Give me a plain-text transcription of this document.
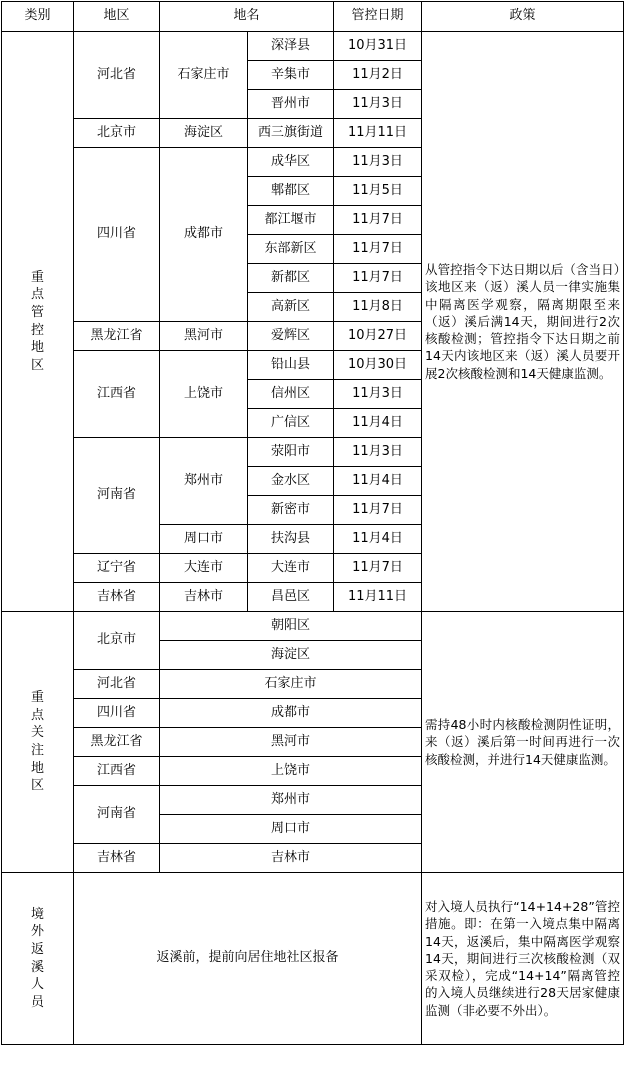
类别	地区	地名		管控日期	政策

重点管控地区	河北省	石家庄市	深泽县	10月31日	从管控指令下达日期以后（含当日）该地区来（返）溪人员一律实施集中隔离医学观察，隔离期限至来（返）溪后满14天，期间进行2次核酸检测；管控指令下达日期之前14天内该地区来（返）溪人员要开展2次核酸检测和14天健康监测。
			辛集市	11月2日	
			晋州市	11月3日	
	北京市	海淀区	西三旗街道	11月11日	
	四川省	成都市	成华区	11月3日	
			郫都区	11月5日	
			都江堰市	11月7日	
			东部新区	11月7日	
			新都区	11月7日	
			高新区	11月8日	
	黑龙江省	黑河市	爱辉区	10月27日	
	江西省	上饶市	铅山县	10月30日	
			信州区	11月3日	
			广信区	11月4日	
	河南省	郑州市	荥阳市	11月3日	
			金水区	11月4日	
			新密市	11月7日	
		周口市	扶沟县	11月4日	
	辽宁省	大连市	大连市	11月7日	
	吉林省	吉林市	昌邑区	11月11日	

重点关注地区	北京市	朝阳区			需持48小时内核酸检测阴性证明，来（返）溪后第一时间再进行一次核酸检测，并进行14天健康监测。
		海淀区			
	河北省	石家庄市			
	四川省	成都市			
	黑龙江省	黑河市			
	江西省	上饶市			
	河南省	郑州市			
		周口市			
	吉林省	吉林市			

境外返溪人员	返溪前，提前向居住地社区报备				对入境人员执行“14+14+28”管控措施。即：在第一入境点集中隔离14天，返溪后，集中隔离医学观察14天，期间进行三次核酸检测（双采双检），完成“14+14”隔离管控的入境人员继续进行28天居家健康监测（非必要不外出）。
